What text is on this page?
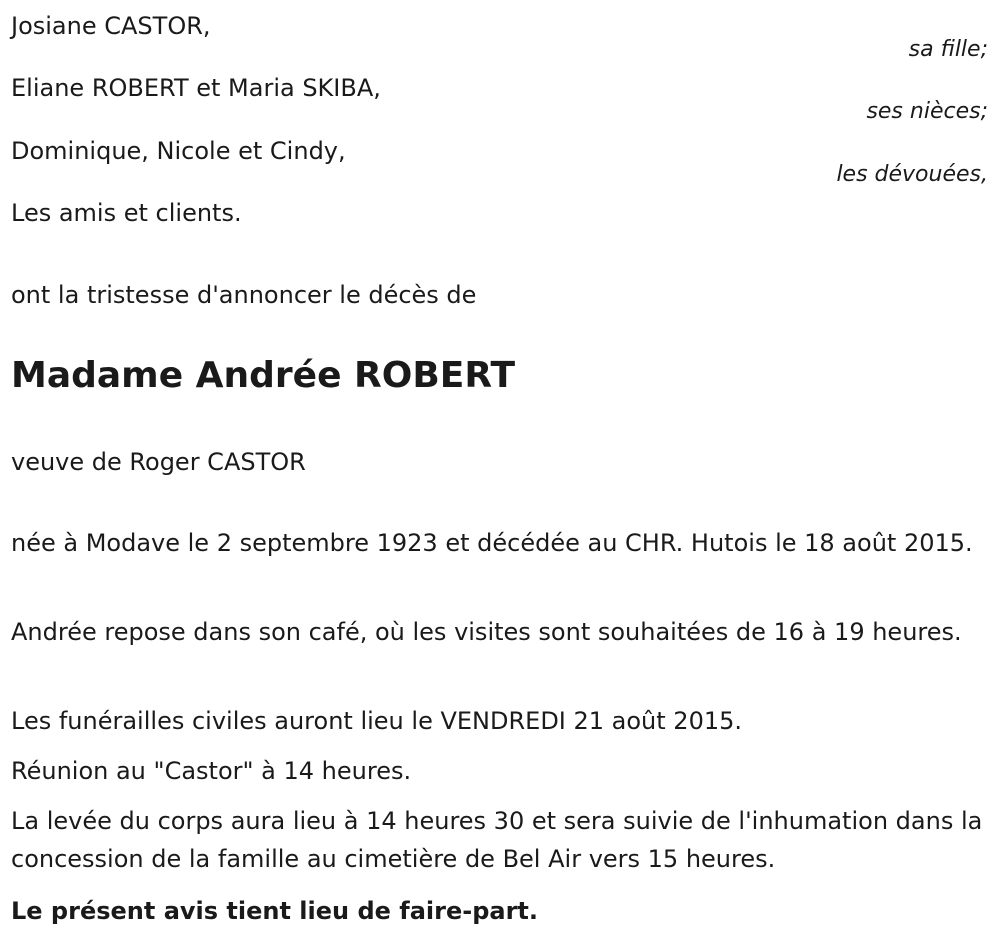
Josiane CASTOR,
sa fille;
Eliane ROBERT et Maria SKIBA,
ses nièces;
Dominique, Nicole et Cindy,
les dévouées,
Les amis et clients.
ont la tristesse d'annoncer le décès de
Madame Andrée ROBERT
veuve de Roger CASTOR
née à Modave le 2 septembre 1923 et décédée au CHR. Hutois le 18 août 2015.
Andrée repose dans son café, où les visites sont souhaitées de 16 à 19 heures.
Les funérailles civiles auront lieu le VENDREDI 21 août 2015.
Réunion au "Castor" à 14 heures.
La levée du corps aura lieu à 14 heures 30 et sera suivie de l'inhumation dans la concession de la famille au cimetière de Bel Air vers 15 heures.
Le présent avis tient lieu de faire-part.
